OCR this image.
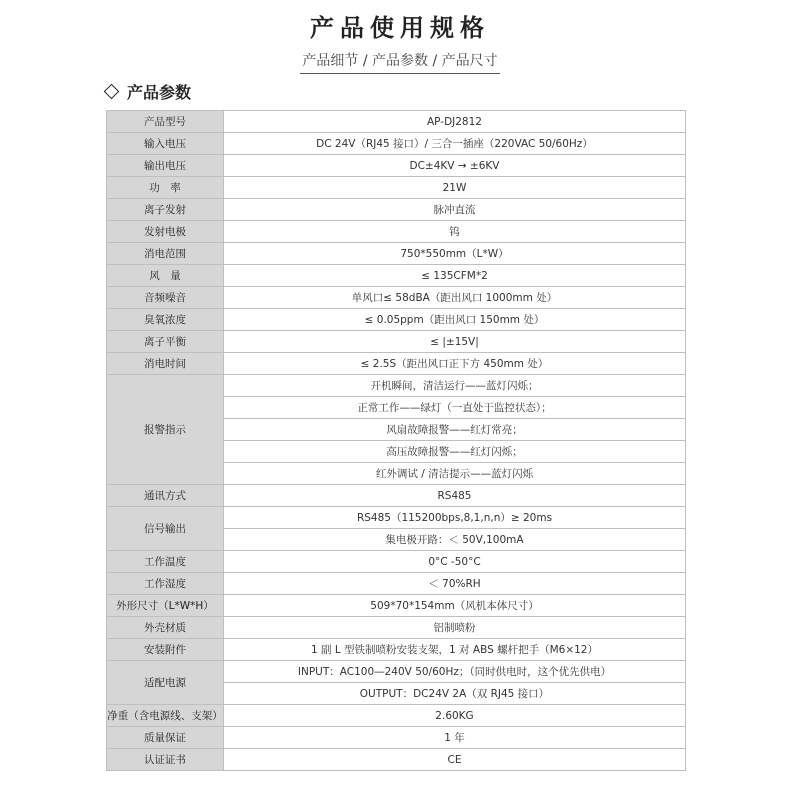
产品使用规格
产品细节 / 产品参数 / 产品尺寸
产品参数
产品型号	AP-DJ2812
输入电压	DC 24V（RJ45 接口）/ 三合一插座（220VAC 50/60Hz）
输出电压	DC±4KV → ±6KV
功　率	21W
离子发射	脉冲直流
发射电极	钨
消电范围	750*550mm（L*W）
风　量	≤ 135CFM*2
音频噪音	单风口≤ 58dBA（距出风口 1000mm 处）
臭氧浓度	≤ 0.05ppm（距出风口 150mm 处）
离子平衡	≤ |±15V|
消电时间	≤ 2.5S（距出风口正下方 450mm 处）
报警指示	开机瞬间，清洁运行——蓝灯闪烁；
	正常工作——绿灯（一直处于监控状态）；
	风扇故障报警——红灯常亮；
	高压故障报警——红灯闪烁；
	红外调试 / 清洁提示——蓝灯闪烁
通讯方式	RS485
信号输出	RS485（115200bps,8,1,n,n）≥ 20ms
	集电极开路：＜ 50V,100mA
工作温度	0°C -50°C
工作湿度	＜ 70%RH
外形尺寸（L*W*H）	509*70*154mm（风机本体尺寸）
外壳材质	铝制喷粉
安装附件	1 副 L 型铁制喷粉安装支架，1 对 ABS 螺杆把手（M6×12）
适配电源	INPUT：AC100—240V 50/60Hz；（同时供电时，这个优先供电）
	OUTPUT：DC24V 2A（双 RJ45 接口）
净重（含电源线、支架）	2.60KG
质量保证	1 年
认证证书	CE
